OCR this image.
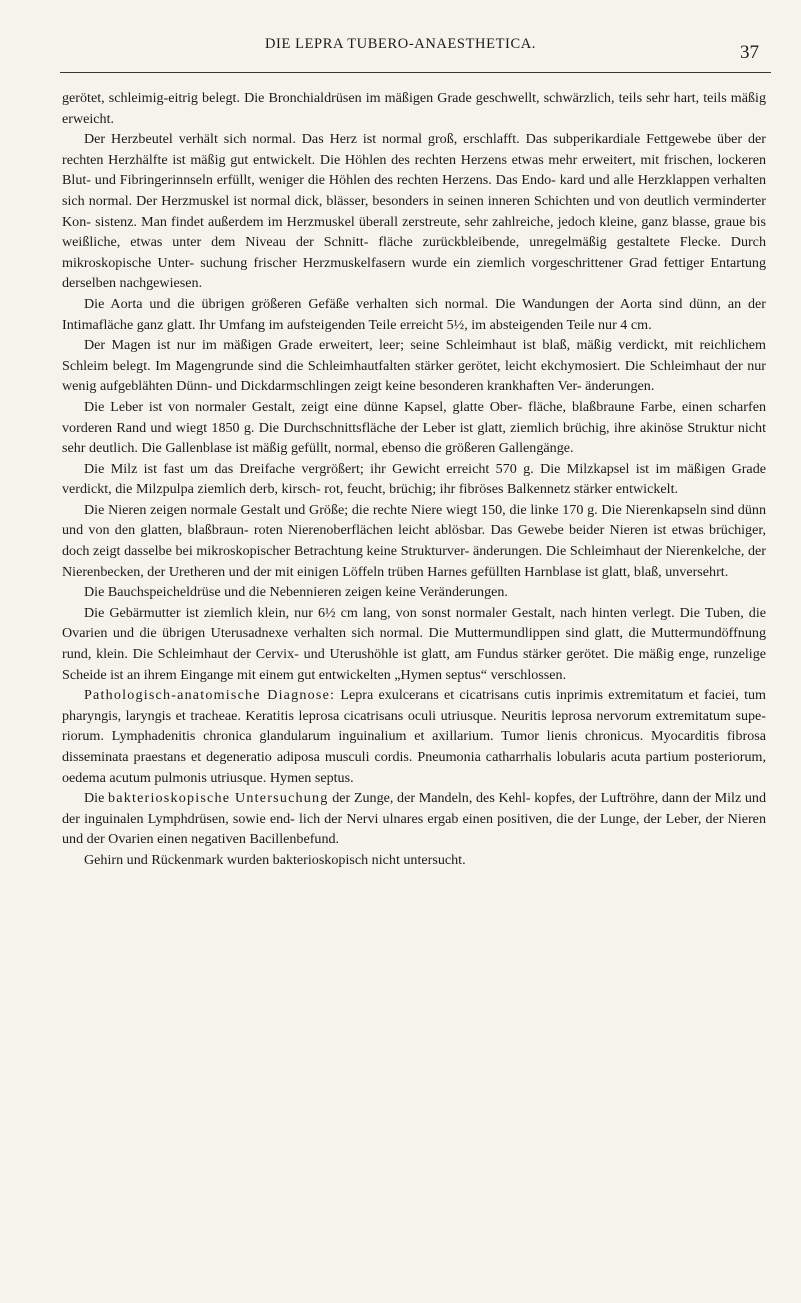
DIE LEPRA TUBERO-ANAESTHETICA.	37

gerötet, schleimig-eitrig belegt. Die Bronchialdrüsen im mäßigen Grade geschwellt, schwärzlich, teils sehr hart, teils mäßig erweicht.

Der Herzbeutel verhält sich normal. Das Herz ist normal groß, erschlafft. Das subperikardiale Fettgewebe über der rechten Herzhälfte ist mäßig gut entwickelt. Die Höhlen des rechten Herzens etwas mehr erweitert, mit frischen, lockeren Blut- und Fibringerinnseln erfüllt, weniger die Höhlen des rechten Herzens. Das Endo- kard und alle Herzklappen verhalten sich normal. Der Herzmuskel ist normal dick, blässer, besonders in seinen inneren Schichten und von deutlich verminderter Kon- sistenz. Man findet außerdem im Herzmuskel überall zerstreute, sehr zahlreiche, jedoch kleine, ganz blasse, graue bis weißliche, etwas unter dem Niveau der Schnitt- fläche zurückbleibende, unregelmäßig gestaltete Flecke. Durch mikroskopische Unter- suchung frischer Herzmuskelfasern wurde ein ziemlich vorgeschrittener Grad fettiger Entartung derselben nachgewiesen.

Die Aorta und die übrigen größeren Gefäße verhalten sich normal. Die Wandungen der Aorta sind dünn, an der Intimafläche ganz glatt. Ihr Umfang im aufsteigenden Teile erreicht 5½, im absteigenden Teile nur 4 cm.

Der Magen ist nur im mäßigen Grade erweitert, leer; seine Schleimhaut ist blaß, mäßig verdickt, mit reichlichem Schleim belegt. Im Magengrunde sind die Schleimhautfalten stärker gerötet, leicht ekchymosiert. Die Schleimhaut der nur wenig aufgeblähten Dünn- und Dickdarmschlingen zeigt keine besonderen krankhaften Ver- änderungen.

Die Leber ist von normaler Gestalt, zeigt eine dünne Kapsel, glatte Ober- fläche, blaßbraune Farbe, einen scharfen vorderen Rand und wiegt 1850 g. Die Durchschnittsfläche der Leber ist glatt, ziemlich brüchig, ihre akinöse Struktur nicht sehr deutlich. Die Gallenblase ist mäßig gefüllt, normal, ebenso die größeren Gallengänge.

Die Milz ist fast um das Dreifache vergrößert; ihr Gewicht erreicht 570 g. Die Milzkapsel ist im mäßigen Grade verdickt, die Milzpulpa ziemlich derb, kirsch- rot, feucht, brüchig; ihr fibröses Balkennetz stärker entwickelt.

Die Nieren zeigen normale Gestalt und Größe; die rechte Niere wiegt 150, die linke 170 g. Die Nierenkapseln sind dünn und von den glatten, blaßbraun- roten Nierenoberflächen leicht ablösbar. Das Gewebe beider Nieren ist etwas brüchiger, doch zeigt dasselbe bei mikroskopischer Betrachtung keine Strukturver- änderungen. Die Schleimhaut der Nierenkelche, der Nierenbecken, der Uretheren und der mit einigen Löffeln trüben Harnes gefüllten Harnblase ist glatt, blaß, unversehrt.

Die Bauchspeicheldrüse und die Nebennieren zeigen keine Veränderungen.

Die Gebärmutter ist ziemlich klein, nur 6½ cm lang, von sonst normaler Gestalt, nach hinten verlegt. Die Tuben, die Ovarien und die übrigen Uterusadnexe verhalten sich normal. Die Muttermundlippen sind glatt, die Muttermundöffnung rund, klein. Die Schleimhaut der Cervix- und Uterushöhle ist glatt, am Fundus stärker gerötet. Die mäßig enge, runzelige Scheide ist an ihrem Eingange mit einem gut entwickelten „Hymen septus“ verschlossen.

Pathologisch-anatomische Diagnose: Lepra exulcerans et cicatrisans cutis inprimis extremitatum et faciei, tum pharyngis, laryngis et tracheae. Keratitis leprosa cicatrisans oculi utriusque. Neuritis leprosa nervorum extremitatum supe- riorum. Lymphadenitis chronica glandularum inguinalium et axillarium. Tumor lienis chronicus. Myocarditis fibrosa disseminata praestans et degeneratio adiposa musculi cordis. Pneumonia catharrhalis lobularis acuta partium posteriorum, oedema acutum pulmonis utriusque. Hymen septus.

Die bakterioskopische Untersuchung der Zunge, der Mandeln, des Kehl- kopfes, der Luftröhre, dann der Milz und der inguinalen Lymphdrüsen, sowie end- lich der Nervi ulnares ergab einen positiven, die der Lunge, der Leber, der Nieren und der Ovarien einen negativen Bacillenbefund.

Gehirn und Rückenmark wurden bakterioskopisch nicht untersucht.
